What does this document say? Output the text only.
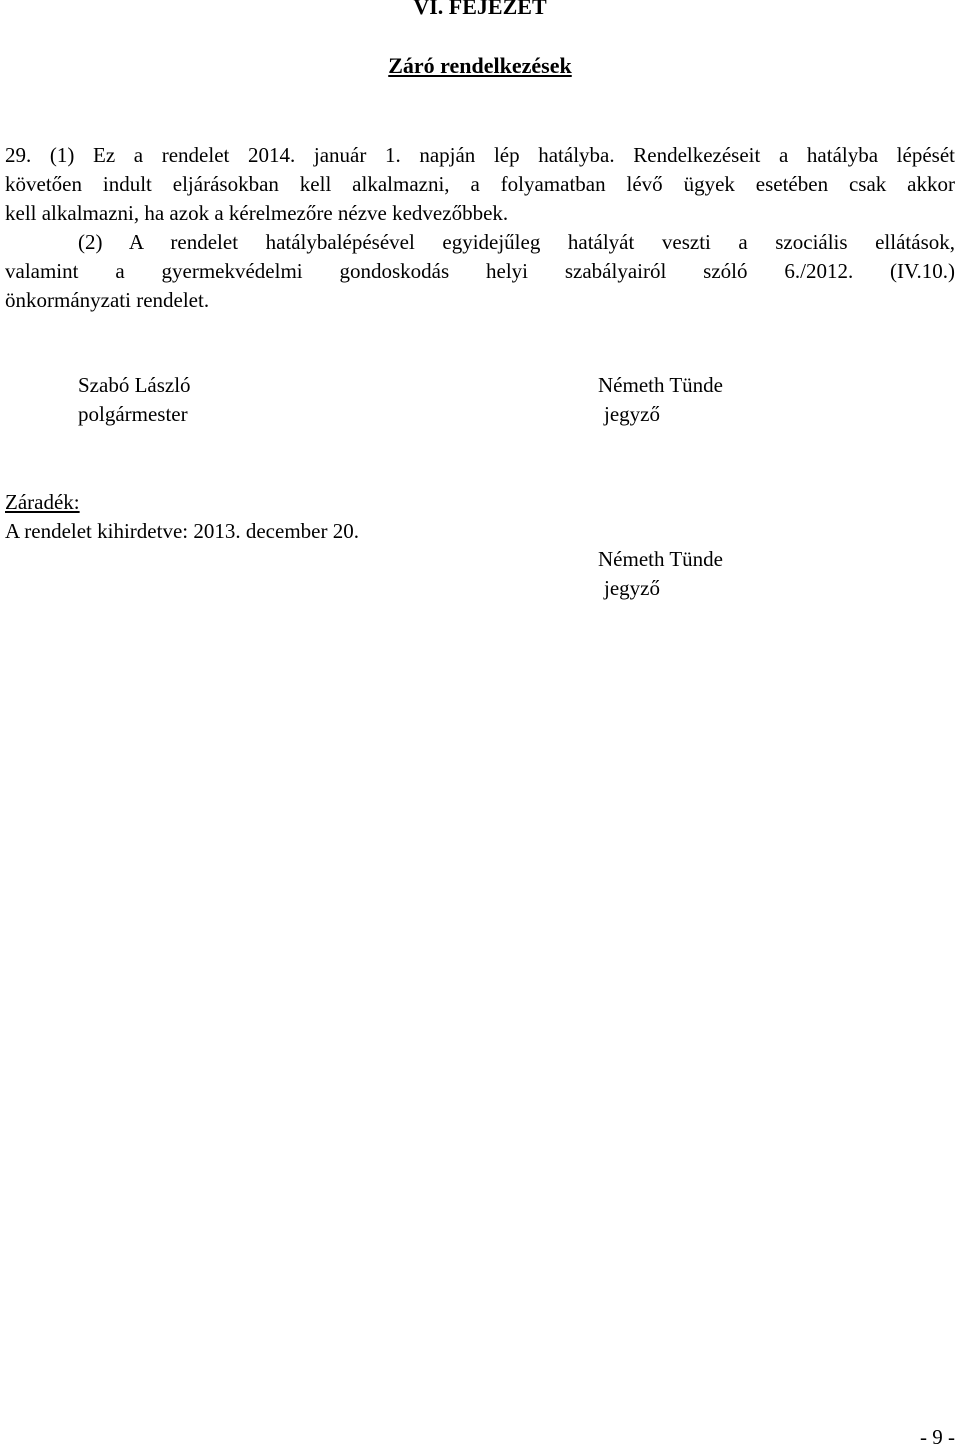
VI. FEJEZET
Záró rendelkezések
29. (1) Ez a rendelet 2014. január 1. napján lép hatályba. Rendelkezéseit a hatályba lépését
követően indult eljárásokban kell alkalmazni, a folyamatban lévő ügyek esetében csak akkor
kell alkalmazni, ha azok a kérelmezőre nézve kedvezőbbek.
(2) A rendelet hatálybalépésével egyidejűleg hatályát veszti a szociális ellátások,
valamint a gyermekvédelmi gondoskodás helyi szabályairól szóló 6./2012. (IV.10.)
önkormányzati rendelet.
Szabó László
polgármester
Németh Tünde
jegyző
Záradék:
A rendelet kihirdetve: 2013. december 20.
Németh Tünde
jegyző
- 9 -
